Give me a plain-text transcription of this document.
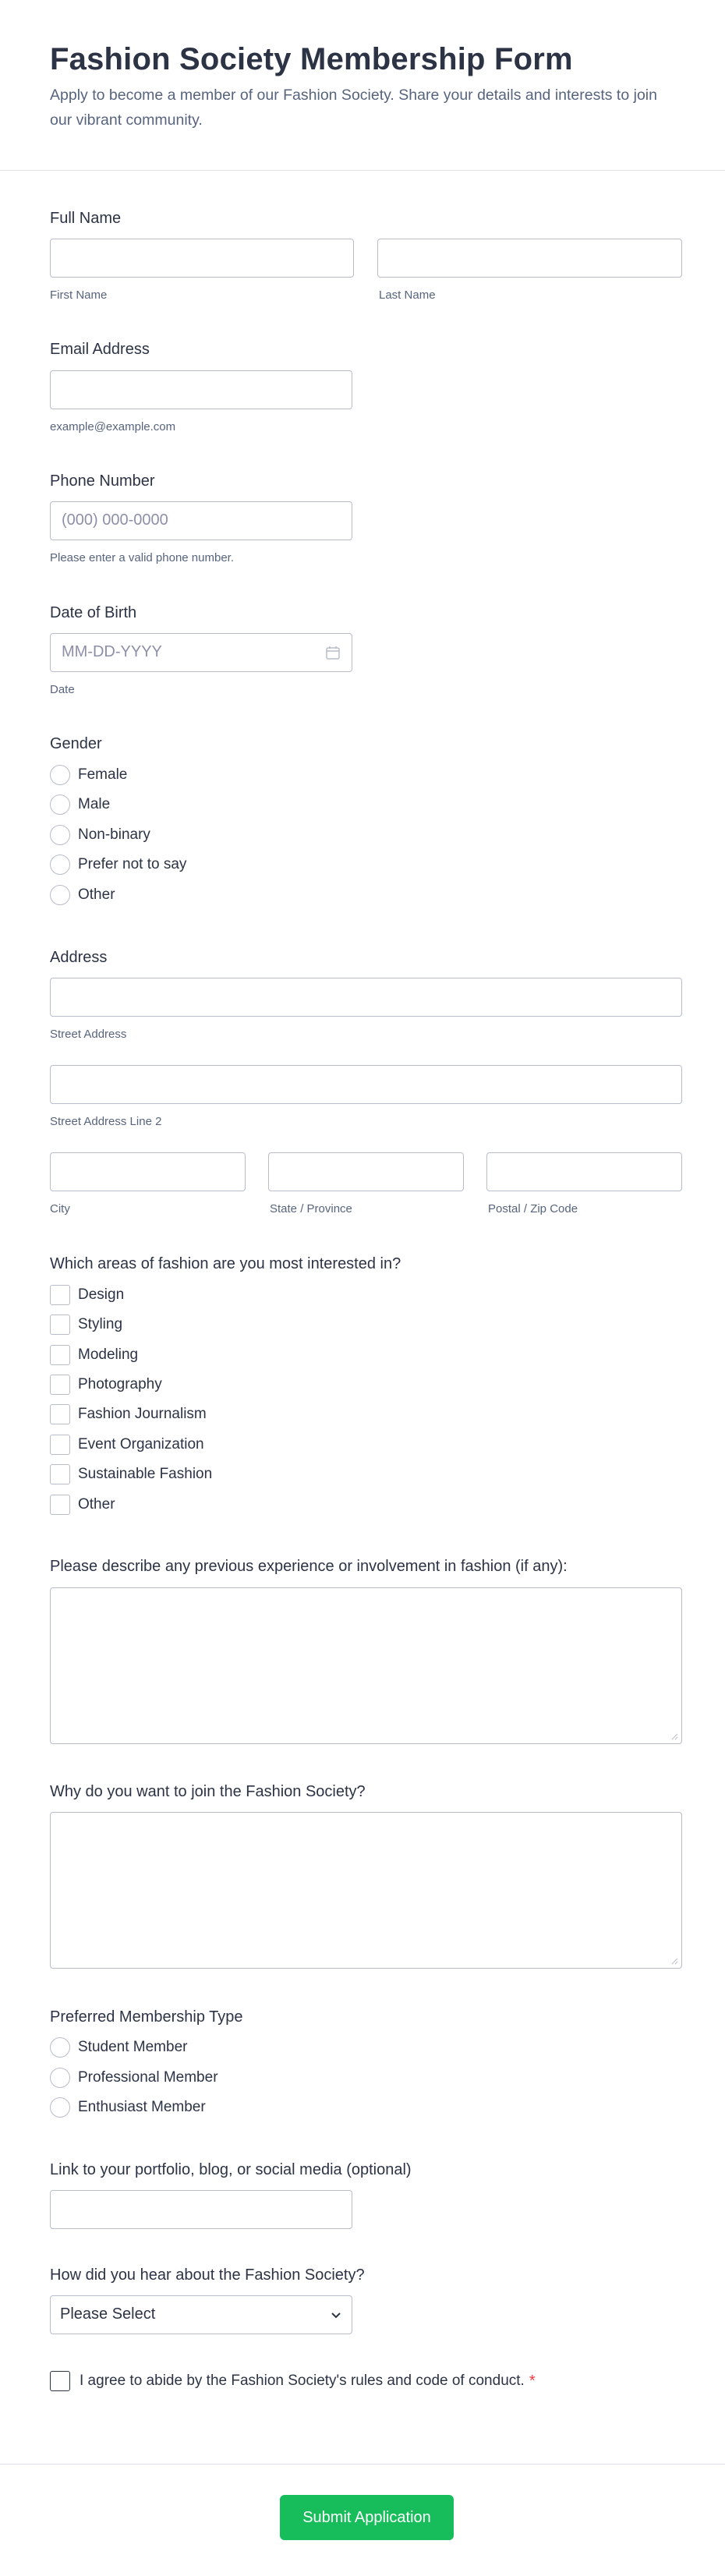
Fashion Society Membership Form
Apply to become a member of our Fashion Society. Share your details and interests to join our vibrant community.
Full Name
First Name	Last Name
Email Address
example@example.com
Phone Number
(000) 000-0000
Please enter a valid phone number.
Date of Birth
MM-DD-YYYY
Date
Gender
Female
Male
Non-binary
Prefer not to say
Other
Address
Street Address
Street Address Line 2
City	State / Province	Postal / Zip Code
Which areas of fashion are you most interested in?
Design
Styling
Modeling
Photography
Fashion Journalism
Event Organization
Sustainable Fashion
Other
Please describe any previous experience or involvement in fashion (if any):
Why do you want to join the Fashion Society?
Preferred Membership Type
Student Member
Professional Member
Enthusiast Member
Link to your portfolio, blog, or social media (optional)
How did you hear about the Fashion Society?
Please Select
I agree to abide by the Fashion Society's rules and code of conduct. *
Submit Application
